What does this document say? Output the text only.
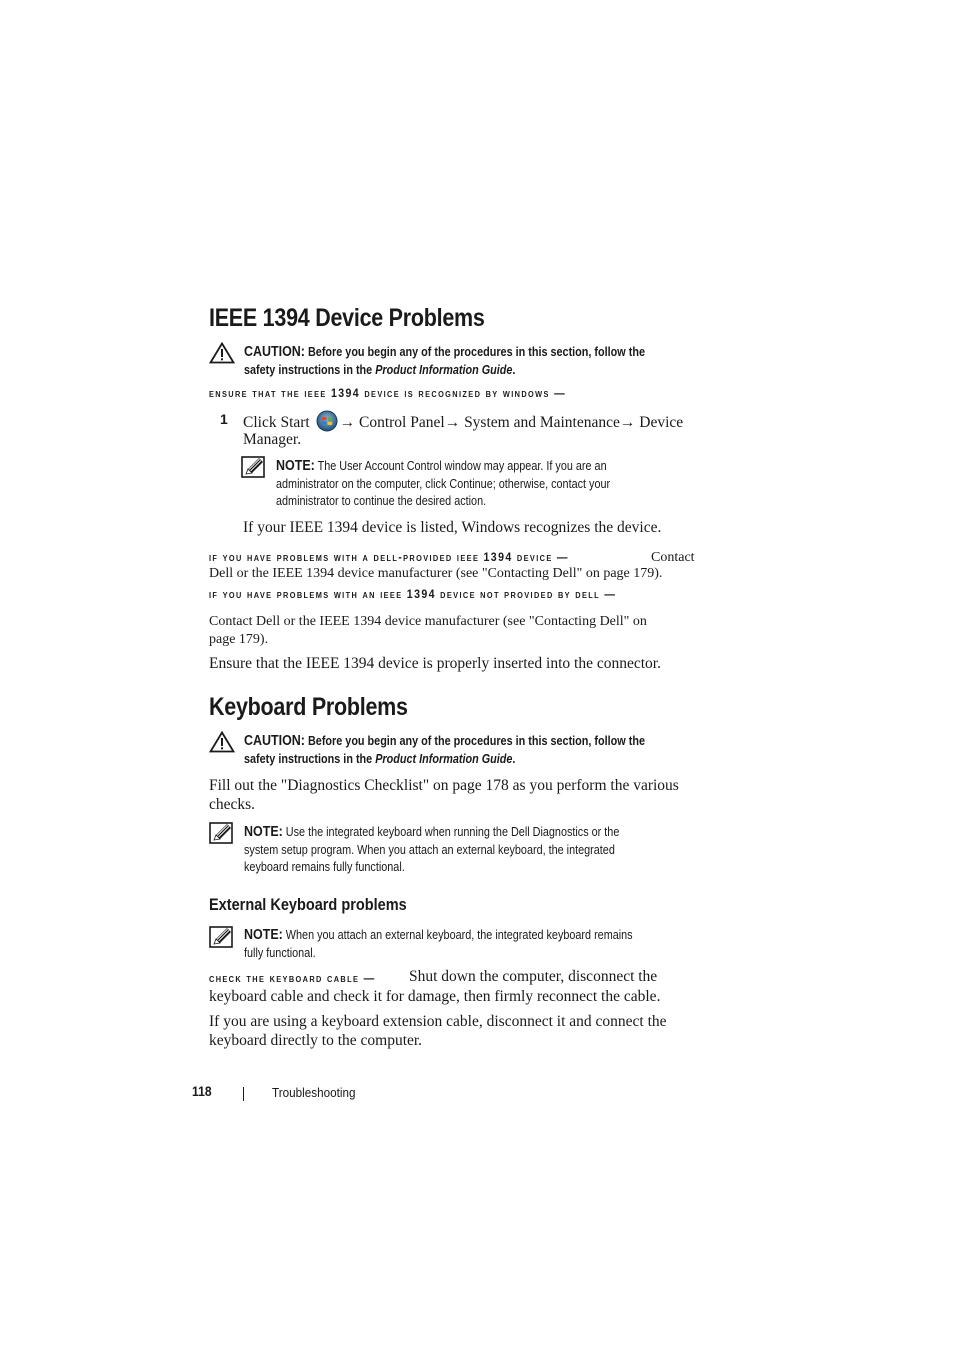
IEEE 1394 Device Problems
CAUTION: Before you begin any of the procedures in this section, follow the
safety instructions in the Product Information Guide.
ensure that the ieee 1394 device is recognized by windows —
1 Click Start → Control Panel→ System and Maintenance→ Device
Manager.
NOTE: The User Account Control window may appear. If you are an
administrator on the computer, click Continue; otherwise, contact your
administrator to continue the desired action.
If your IEEE 1394 device is listed, Windows recognizes the device.
if you have problems with a dell-provided ieee 1394 device —	Contact
Dell or the IEEE 1394 device manufacturer (see "Contacting Dell" on page 179).
if you have problems with an ieee 1394 device not provided by dell —
Contact Dell or the IEEE 1394 device manufacturer (see "Contacting Dell" on
page 179).
Ensure that the IEEE 1394 device is properly inserted into the connector.
Keyboard Problems
CAUTION: Before you begin any of the procedures in this section, follow the
safety instructions in the Product Information Guide.
Fill out the "Diagnostics Checklist" on page 178 as you perform the various
checks.
NOTE: Use the integrated keyboard when running the Dell Diagnostics or the
system setup program. When you attach an external keyboard, the integrated
keyboard remains fully functional.
External Keyboard problems
NOTE: When you attach an external keyboard, the integrated keyboard remains
fully functional.
check the keyboard cable —	Shut down the computer, disconnect the
keyboard cable and check it for damage, then firmly reconnect the cable.
If you are using a keyboard extension cable, disconnect it and connect the
keyboard directly to the computer.
118	Troubleshooting
